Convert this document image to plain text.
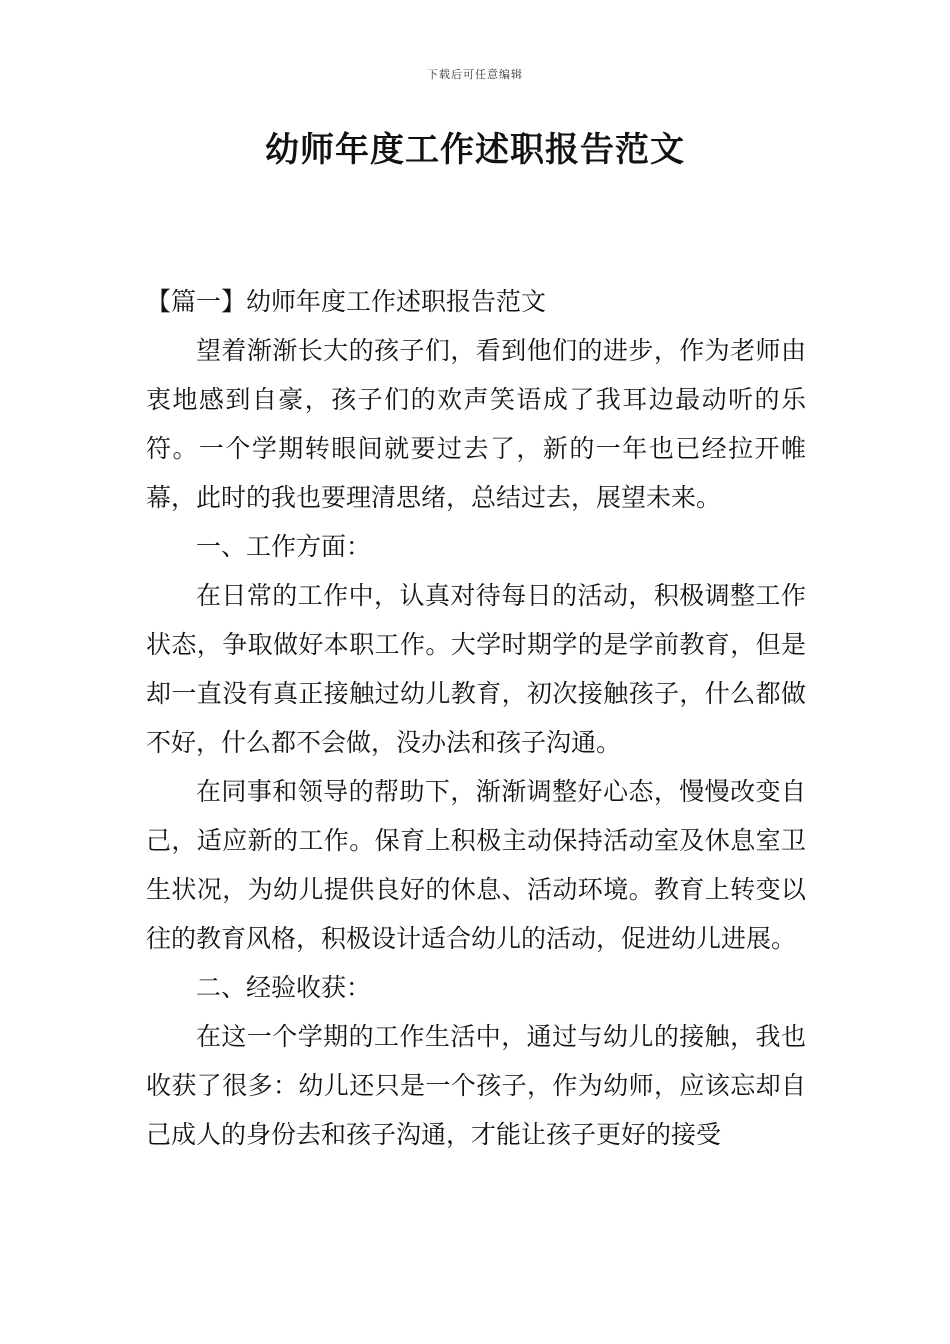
下载后可任意编辑
幼师年度工作述职报告范文

【篇一】幼师年度工作述职报告范文

望着渐渐长大的孩子们，看到他们的进步，作为老师由衷地感到自豪，孩子们的欢声笑语成了我耳边最动听的乐符。一个学期转眼间就要过去了，新的一年也已经拉开帷幕，此时的我也要理清思绪，总结过去，展望未来。

一、工作方面：

在日常的工作中，认真对待每日的活动，积极调整工作状态，争取做好本职工作。大学时期学的是学前教育，但是却一直没有真正接触过幼儿教育，初次接触孩子，什么都做不好，什么都不会做，没办法和孩子沟通。

在同事和领导的帮助下，渐渐调整好心态，慢慢改变自己，适应新的工作。保育上积极主动保持活动室及休息室卫生状况，为幼儿提供良好的休息、活动环境。教育上转变以往的教育风格，积极设计适合幼儿的活动，促进幼儿进展。

二、经验收获：

在这一个学期的工作生活中，通过与幼儿的接触，我也收获了很多：幼儿还只是一个孩子，作为幼师，应该忘却自己成人的身份去和孩子沟通，才能让孩子更好的接受
